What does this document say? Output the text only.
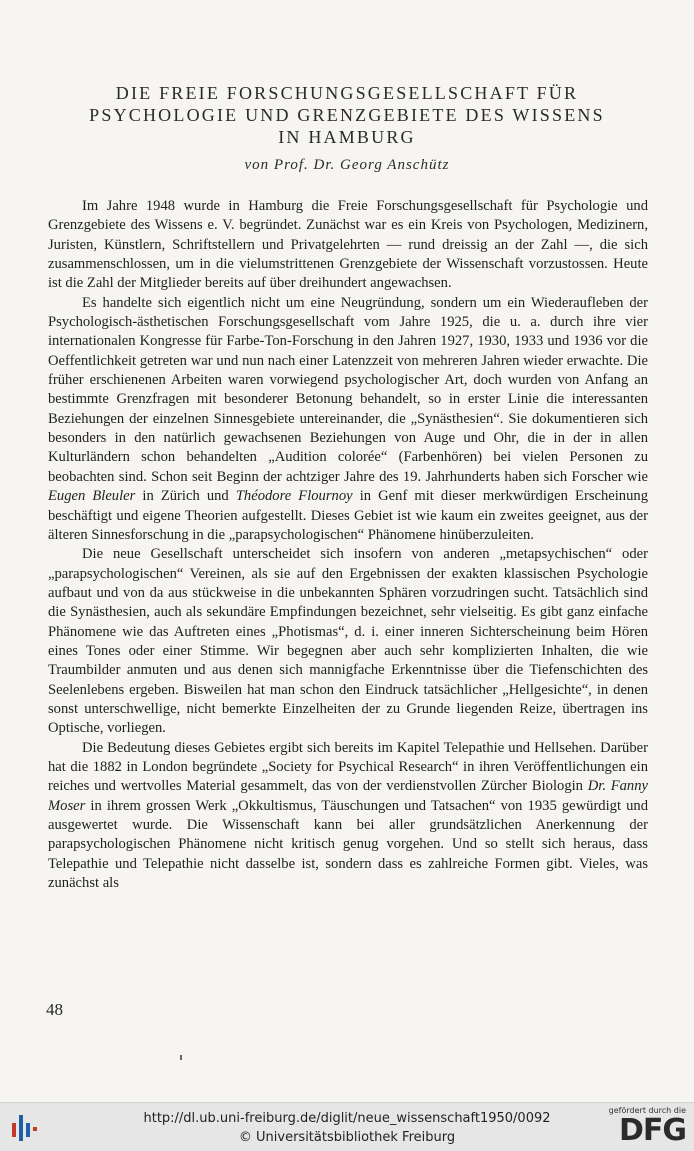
DIE FREIE FORSCHUNGSGESELLSCHAFT FÜR
PSYCHOLOGIE UND GRENZGEBIETE DES WISSENS
IN HAMBURG
von Prof. Dr. Georg Anschütz

Im Jahre 1948 wurde in Hamburg die Freie Forschungsgesellschaft für Psychologie und Grenzgebiete des Wissens e. V. begründet. Zunächst war es ein Kreis von Psychologen, Medizinern, Juristen, Künstlern, Schriftstellern und Privatgelehrten — rund dreissig an der Zahl —, die sich zusammenschlossen, um in die vielumstrittenen Grenzgebiete der Wissenschaft vorzustossen. Heute ist die Zahl der Mitglieder bereits auf über dreihundert angewachsen.

Es handelte sich eigentlich nicht um eine Neugründung, sondern um ein Wiederaufleben der Psychologisch-ästhetischen Forschungsgesellschaft vom Jahre 1925, die u. a. durch ihre vier internationalen Kongresse für Farbe-Ton-Forschung in den Jahren 1927, 1930, 1933 und 1936 vor die Oeffentlichkeit getreten war und nun nach einer Latenzzeit von mehreren Jahren wieder erwachte. Die früher erschienenen Arbeiten waren vorwiegend psychologischer Art, doch wurden von Anfang an bestimmte Grenzfragen mit besonderer Betonung behandelt, so in erster Linie die interessanten Beziehungen der einzelnen Sinnesgebiete untereinander, die „Synästhesien“. Sie dokumentieren sich besonders in den natürlich gewachsenen Beziehungen von Auge und Ohr, die in der in allen Kulturländern schon behandelten „Audition colorée“ (Farbenhören) bei vielen Personen zu beobachten sind. Schon seit Beginn der achtziger Jahre des 19. Jahrhunderts haben sich Forscher wie Eugen Bleuler in Zürich und Théodore Flournoy in Genf mit dieser merkwürdigen Erscheinung beschäftigt und eigene Theorien aufgestellt. Dieses Gebiet ist wie kaum ein zweites geeignet, aus der älteren Sinnesforschung in die „parapsychologischen“ Phänomene hinüberzuleiten.

Die neue Gesellschaft unterscheidet sich insofern von anderen „metapsychischen“ oder „parapsychologischen“ Vereinen, als sie auf den Ergebnissen der exakten klassischen Psychologie aufbaut und von da aus stückweise in die unbekannten Sphären vorzudringen sucht. Tatsächlich sind die Synästhesien, auch als sekundäre Empfindungen bezeichnet, sehr vielseitig. Es gibt ganz einfache Phänomene wie das Auftreten eines „Photismas“, d. i. einer inneren Sichterscheinung beim Hören eines Tones oder einer Stimme. Wir begegnen aber auch sehr komplizierten Inhalten, die wie Traumbilder anmuten und aus denen sich mannigfache Erkenntnisse über die Tiefenschichten des Seelenlebens ergeben. Bisweilen hat man schon den Eindruck tatsächlicher „Hellgesichte“, in denen sonst unterschwellige, nicht bemerkte Einzelheiten der zu Grunde liegenden Reize, übertragen ins Optische, vorliegen.

Die Bedeutung dieses Gebietes ergibt sich bereits im Kapitel Telepathie und Hellsehen. Darüber hat die 1882 in London begründete „Society for Psychical Research“ in ihren Veröffentlichungen ein reiches und wertvolles Material gesammelt, das von der verdienstvollen Zürcher Biologin Dr. Fanny Moser in ihrem grossen Werk „Okkultismus, Täuschungen und Tatsachen“ von 1935 gewürdigt und ausgewertet wurde. Die Wissenschaft kann bei aller grundsätzlichen Anerkennung der parapsychologischen Phänomene nicht kritisch genug vorgehen. Und so stellt sich heraus, dass Telepathie und Telepathie nicht dasselbe ist, sondern dass es zahlreiche Formen gibt. Vieles, was zunächst als

48
http://dl.ub.uni-freiburg.de/diglit/neue_wissenschaft1950/0092
© Universitätsbibliothek Freiburg
gefördert durch die
DFG
